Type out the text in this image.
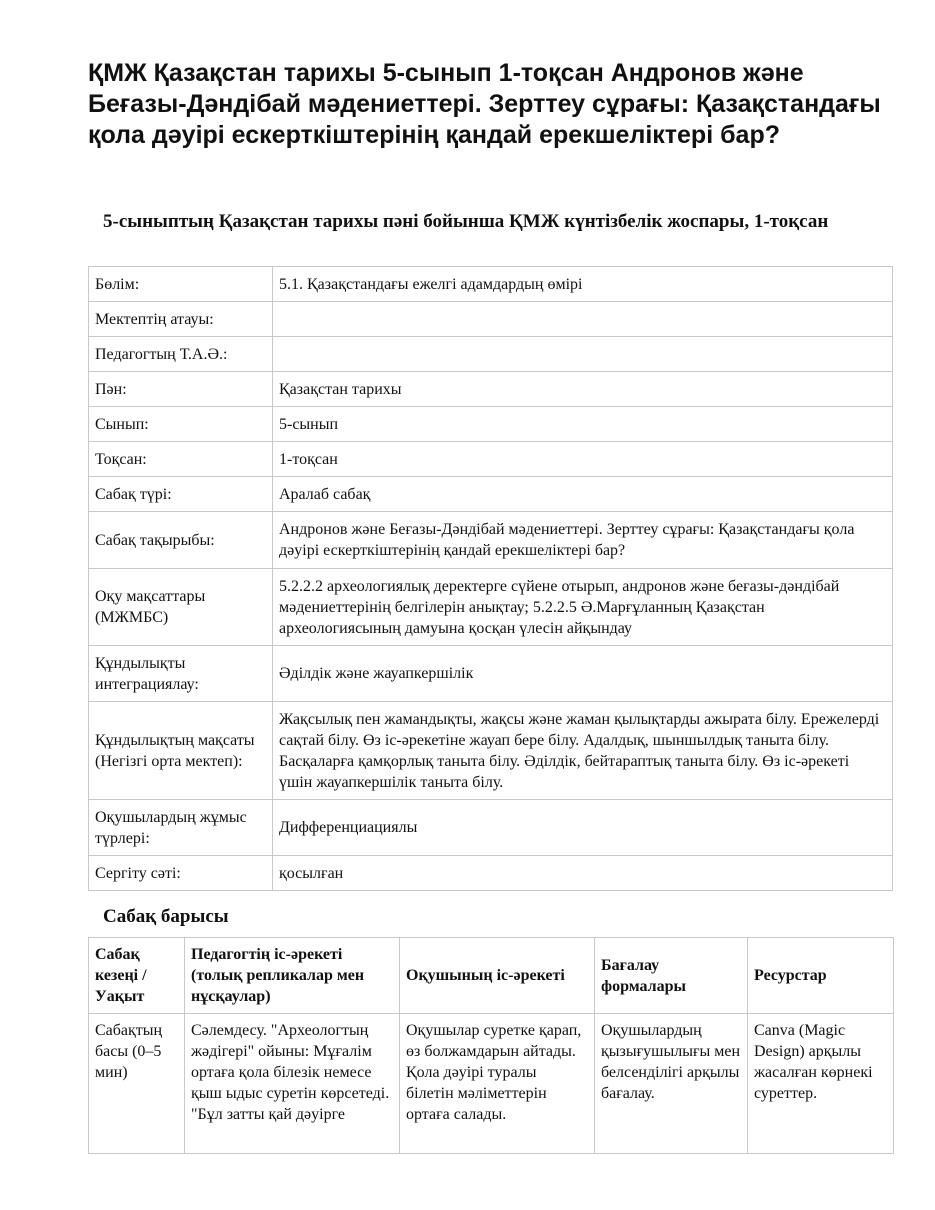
ҚМЖ Қазақстан тарихы 5-сынып 1-тоқсан Андронов және Беғазы-Дәндібай мәдениеттері. Зерттеу сұрағы: Қазақстандағы қола дәуірі ескерткіштерінің қандай ерекшеліктері бар?
5-сыныптың Қазақстан тарихы пәні бойынша ҚМЖ күнтізбелік жоспары, 1-тоқсан
Бөлім:	5.1. Қазақстандағы ежелгі адамдардың өмірі
Мектептің атауы:	
Педагогтың Т.А.Ә.:	
Пән:	Қазақстан тарихы
Сынып:	5-сынып
Тоқсан:	1-тоқсан
Сабақ түрі:	Аралаб сабақ
Сабақ тақырыбы:	Андронов және Беғазы-Дәндібай мәдениеттері. Зерттеу сұрағы: Қазақстандағы қола дәуірі ескерткіштерінің қандай ерекшеліктері бар?
Оқу мақсаттары (МЖМБС)	5.2.2.2 археологиялық деректерге сүйене отырып, андронов және беғазы-дәндібай мәдениеттерінің белгілерін анықтау; 5.2.2.5 Ә.Марғұланның Қазақстан археологиясының дамуына қосқан үлесін айқындау
Құндылықты интеграциялау:	Әділдік және жауапкершілік
Құндылықтың мақсаты (Негізгі орта мектеп):	Жақсылық пен жамандықты, жақсы және жаман қылықтарды ажырата білу. Ережелерді сақтай білу. Өз іс-әрекетіне жауап бере білу. Адалдық, шыншылдық таныта білу. Басқаларға қамқорлық таныта білу. Әділдік, бейтараптық таныта білу. Өз іс-әрекеті үшін жауапкершілік таныта білу.
Оқушылардың жұмыс түрлері:	Дифференциациялы
Сергіту сәті:	қосылған
Сабақ барысы
Сабақ кезеңі / Уақыт	Педагогтің іс-әрекеті (толық репликалар мен нұсқаулар)	Оқушының іс-әрекеті	Бағалау формалары	Ресурстар

Сабақтың басы (0–5 мин)	Сәлемдесу. "Археологтың жәдігері" ойыны: Мұғалім ортаға қола білезік немесе қыш ыдыс суретін көрсетеді. "Бұл затты қай дәуірге	Оқушылар суретке қарап, өз болжамдарын айтады. Қола дәуірі туралы білетін мәліметтерін ортаға салады.	Оқушылардың қызығушылығы мен белсенділігі арқылы бағалау.	Canva (Magic Design) арқылы жасалған көрнекі суреттер.
